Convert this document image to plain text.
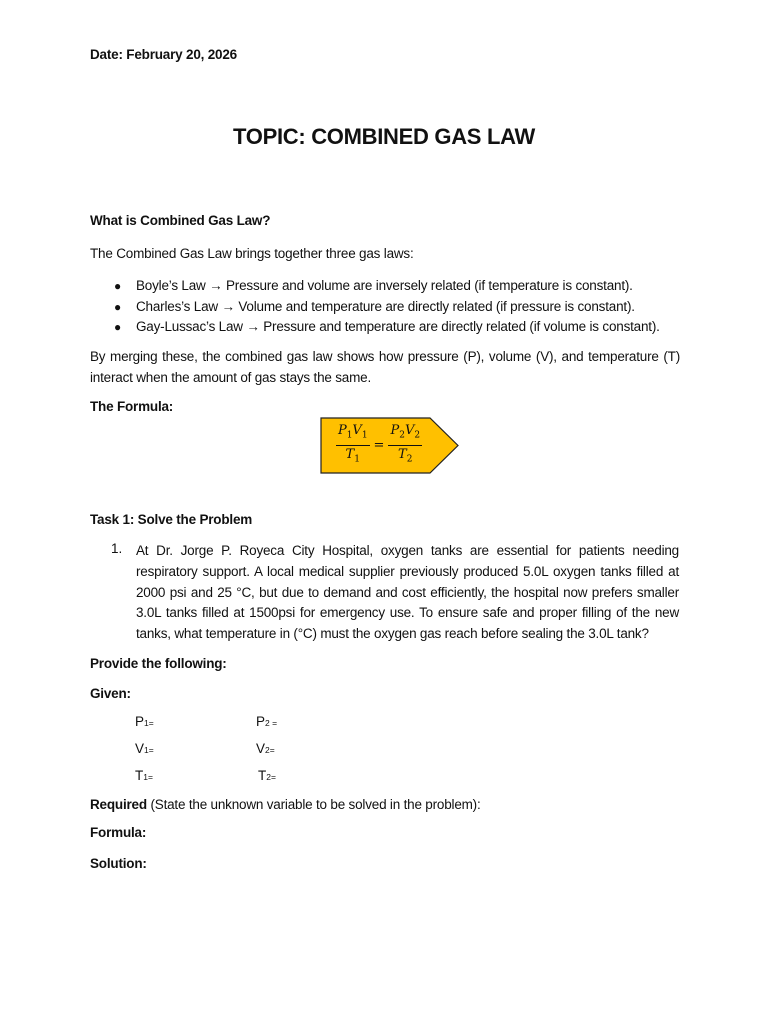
Date: February 20, 2026
TOPIC: COMBINED GAS LAW
What is Combined Gas Law?
The Combined Gas Law brings together three gas laws:
● Boyle’s Law → Pressure and volume are inversely related (if temperature is constant).
● Charles’s Law → Volume and temperature are directly related (if pressure is constant).
● Gay-Lussac’s Law → Pressure and temperature are directly related (if volume is constant).
By merging these, the combined gas law shows how pressure (P), volume (V), and temperature (T) interact when the amount of gas stays the same.
The Formula:
$\frac{P_1V_1}{T_1} = \frac{P_2V_2}{T_2}$
Task 1: Solve the Problem
1. At Dr. Jorge P. Royeca City Hospital, oxygen tanks are essential for patients needing respiratory support. A local medical supplier previously produced 5.0L oxygen tanks filled at 2000 psi and 25 °C, but due to demand and cost efficiently, the hospital now prefers smaller 3.0L tanks filled at 1500psi for emergency use. To ensure safe and proper filling of the new tanks, what temperature in (°C) must the oxygen gas reach before sealing the 3.0L tank?
Provide the following:
Given:
P1=	P2 =
V1=	V2=
T1=	T2=
Required (State the unknown variable to be solved in the problem):
Formula:
Solution:
